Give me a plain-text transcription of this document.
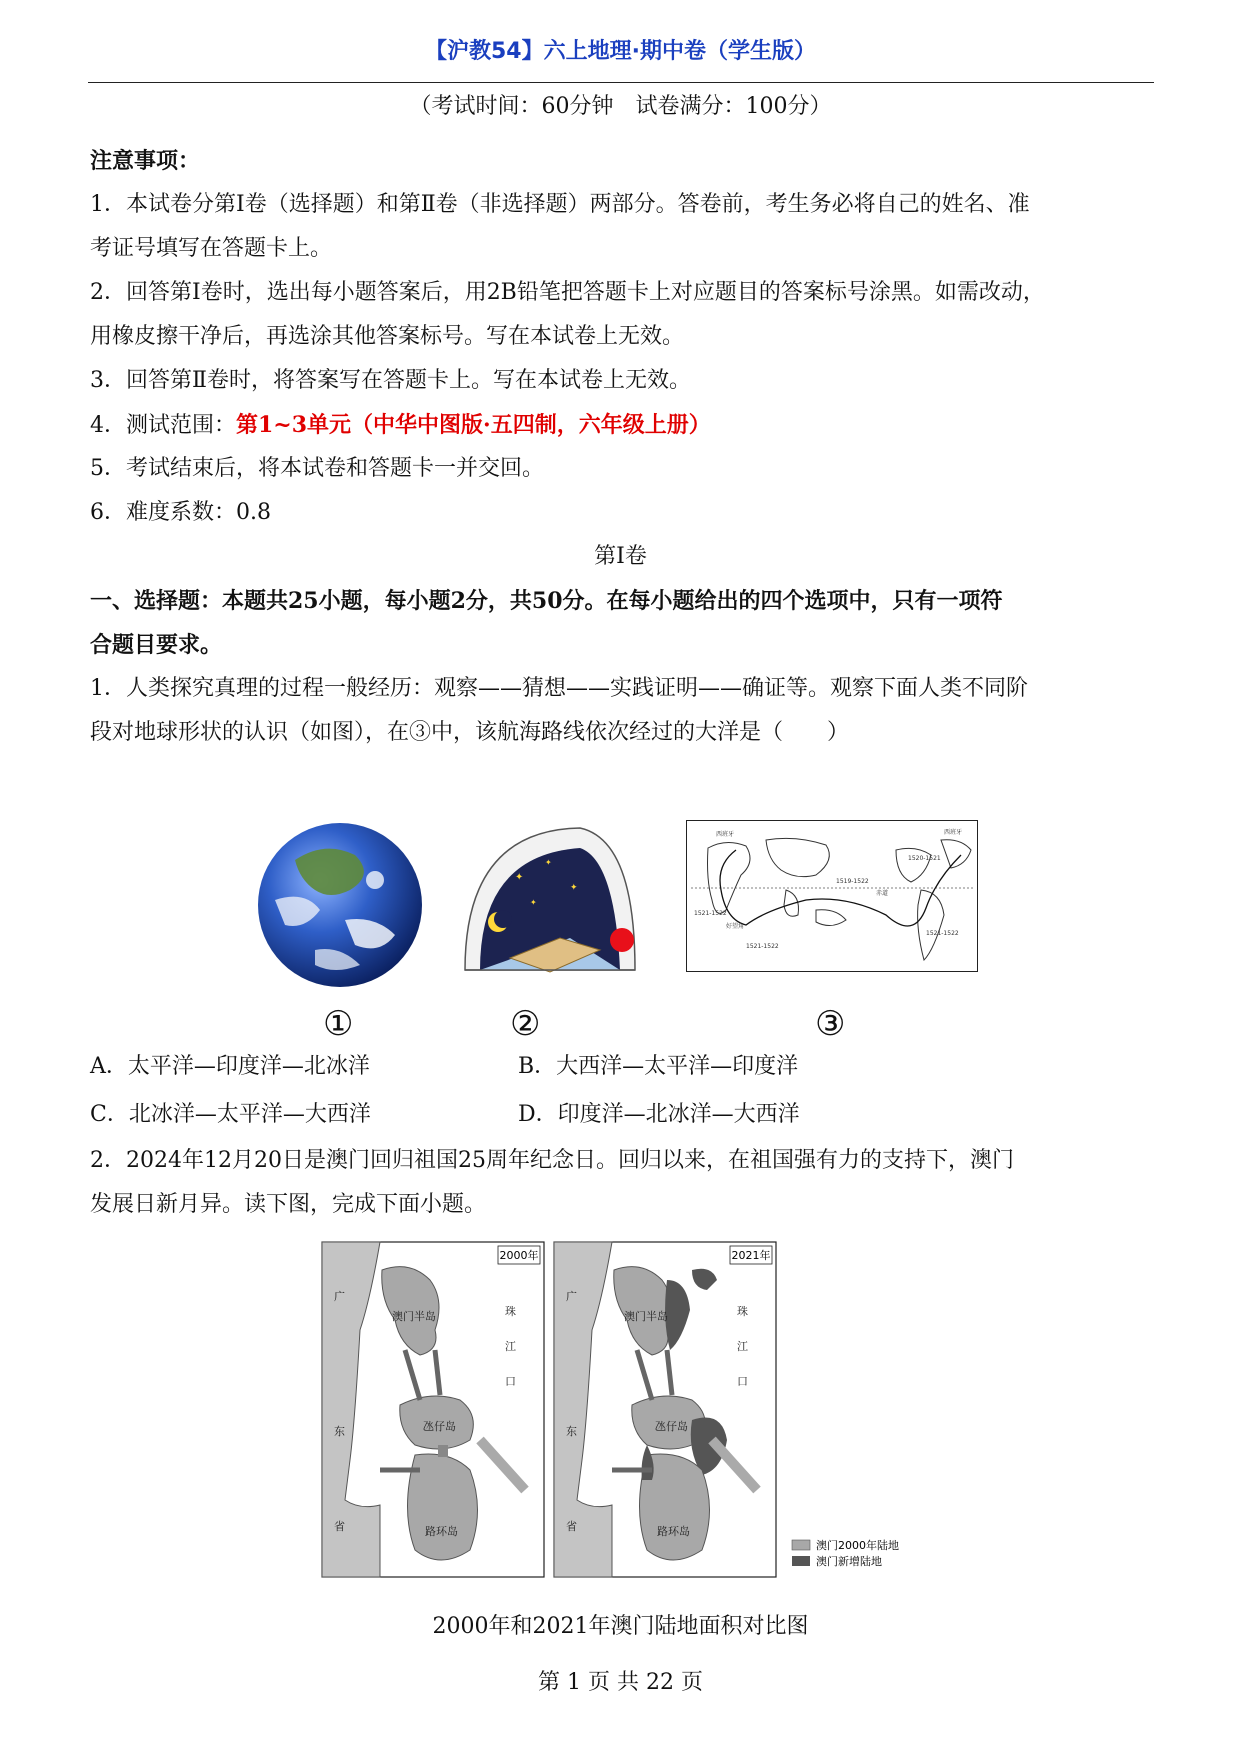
【沪教54】六上地理·期中卷（学生版）
（考试时间：60分钟　试卷满分：100分）
注意事项：
1．本试卷分第Ⅰ卷（选择题）和第Ⅱ卷（非选择题）两部分。答卷前，考生务必将自己的姓名、准
考证号填写在答题卡上。
2．回答第Ⅰ卷时，选出每小题答案后，用2B铅笔把答题卡上对应题目的答案标号涂黑。如需改动，
用橡皮擦干净后，再选涂其他答案标号。写在本试卷上无效。
3．回答第Ⅱ卷时，将答案写在答题卡上。写在本试卷上无效。
4．测试范围：第1~3单元（中华中图版·五四制，六年级上册）
5．考试结束后，将本试卷和答题卡一并交回。
6．难度系数：0.8
第Ⅰ卷
一、选择题：本题共25小题，每小题2分，共50分。在每小题给出的四个选项中，只有一项符
合题目要求。
1．人类探究真理的过程一般经历：观察——猜想——实践证明——确证等。观察下面人类不同阶
段对地球形状的认识（如图），在③中，该航海路线依次经过的大洋是（　　）
✦
✦
✦
✦
西班牙	西班牙
1519-1522
1520-1521
赤道
1521-1522
好望角
1521-1522
1521-1522
①	②	③
A．太平洋—印度洋—北冰洋	B．大西洋—太平洋—印度洋
C．北冰洋—太平洋—大西洋	D．印度洋—北冰洋—大西洋
2．2024年12月20日是澳门回归祖国25周年纪念日。回归以来，在祖国强有力的支持下，澳门
发展日新月异。读下图，完成下面小题。
2000年
澳门半岛
氹仔岛
路环岛
广
东
省
珠
江
口
2021年
澳门半岛
氹仔岛
路环岛
广
东
省
珠
江
口
澳门2000年陆地
澳门新增陆地
2000年和2021年澳门陆地面积对比图
第 1 页 共 22 页
